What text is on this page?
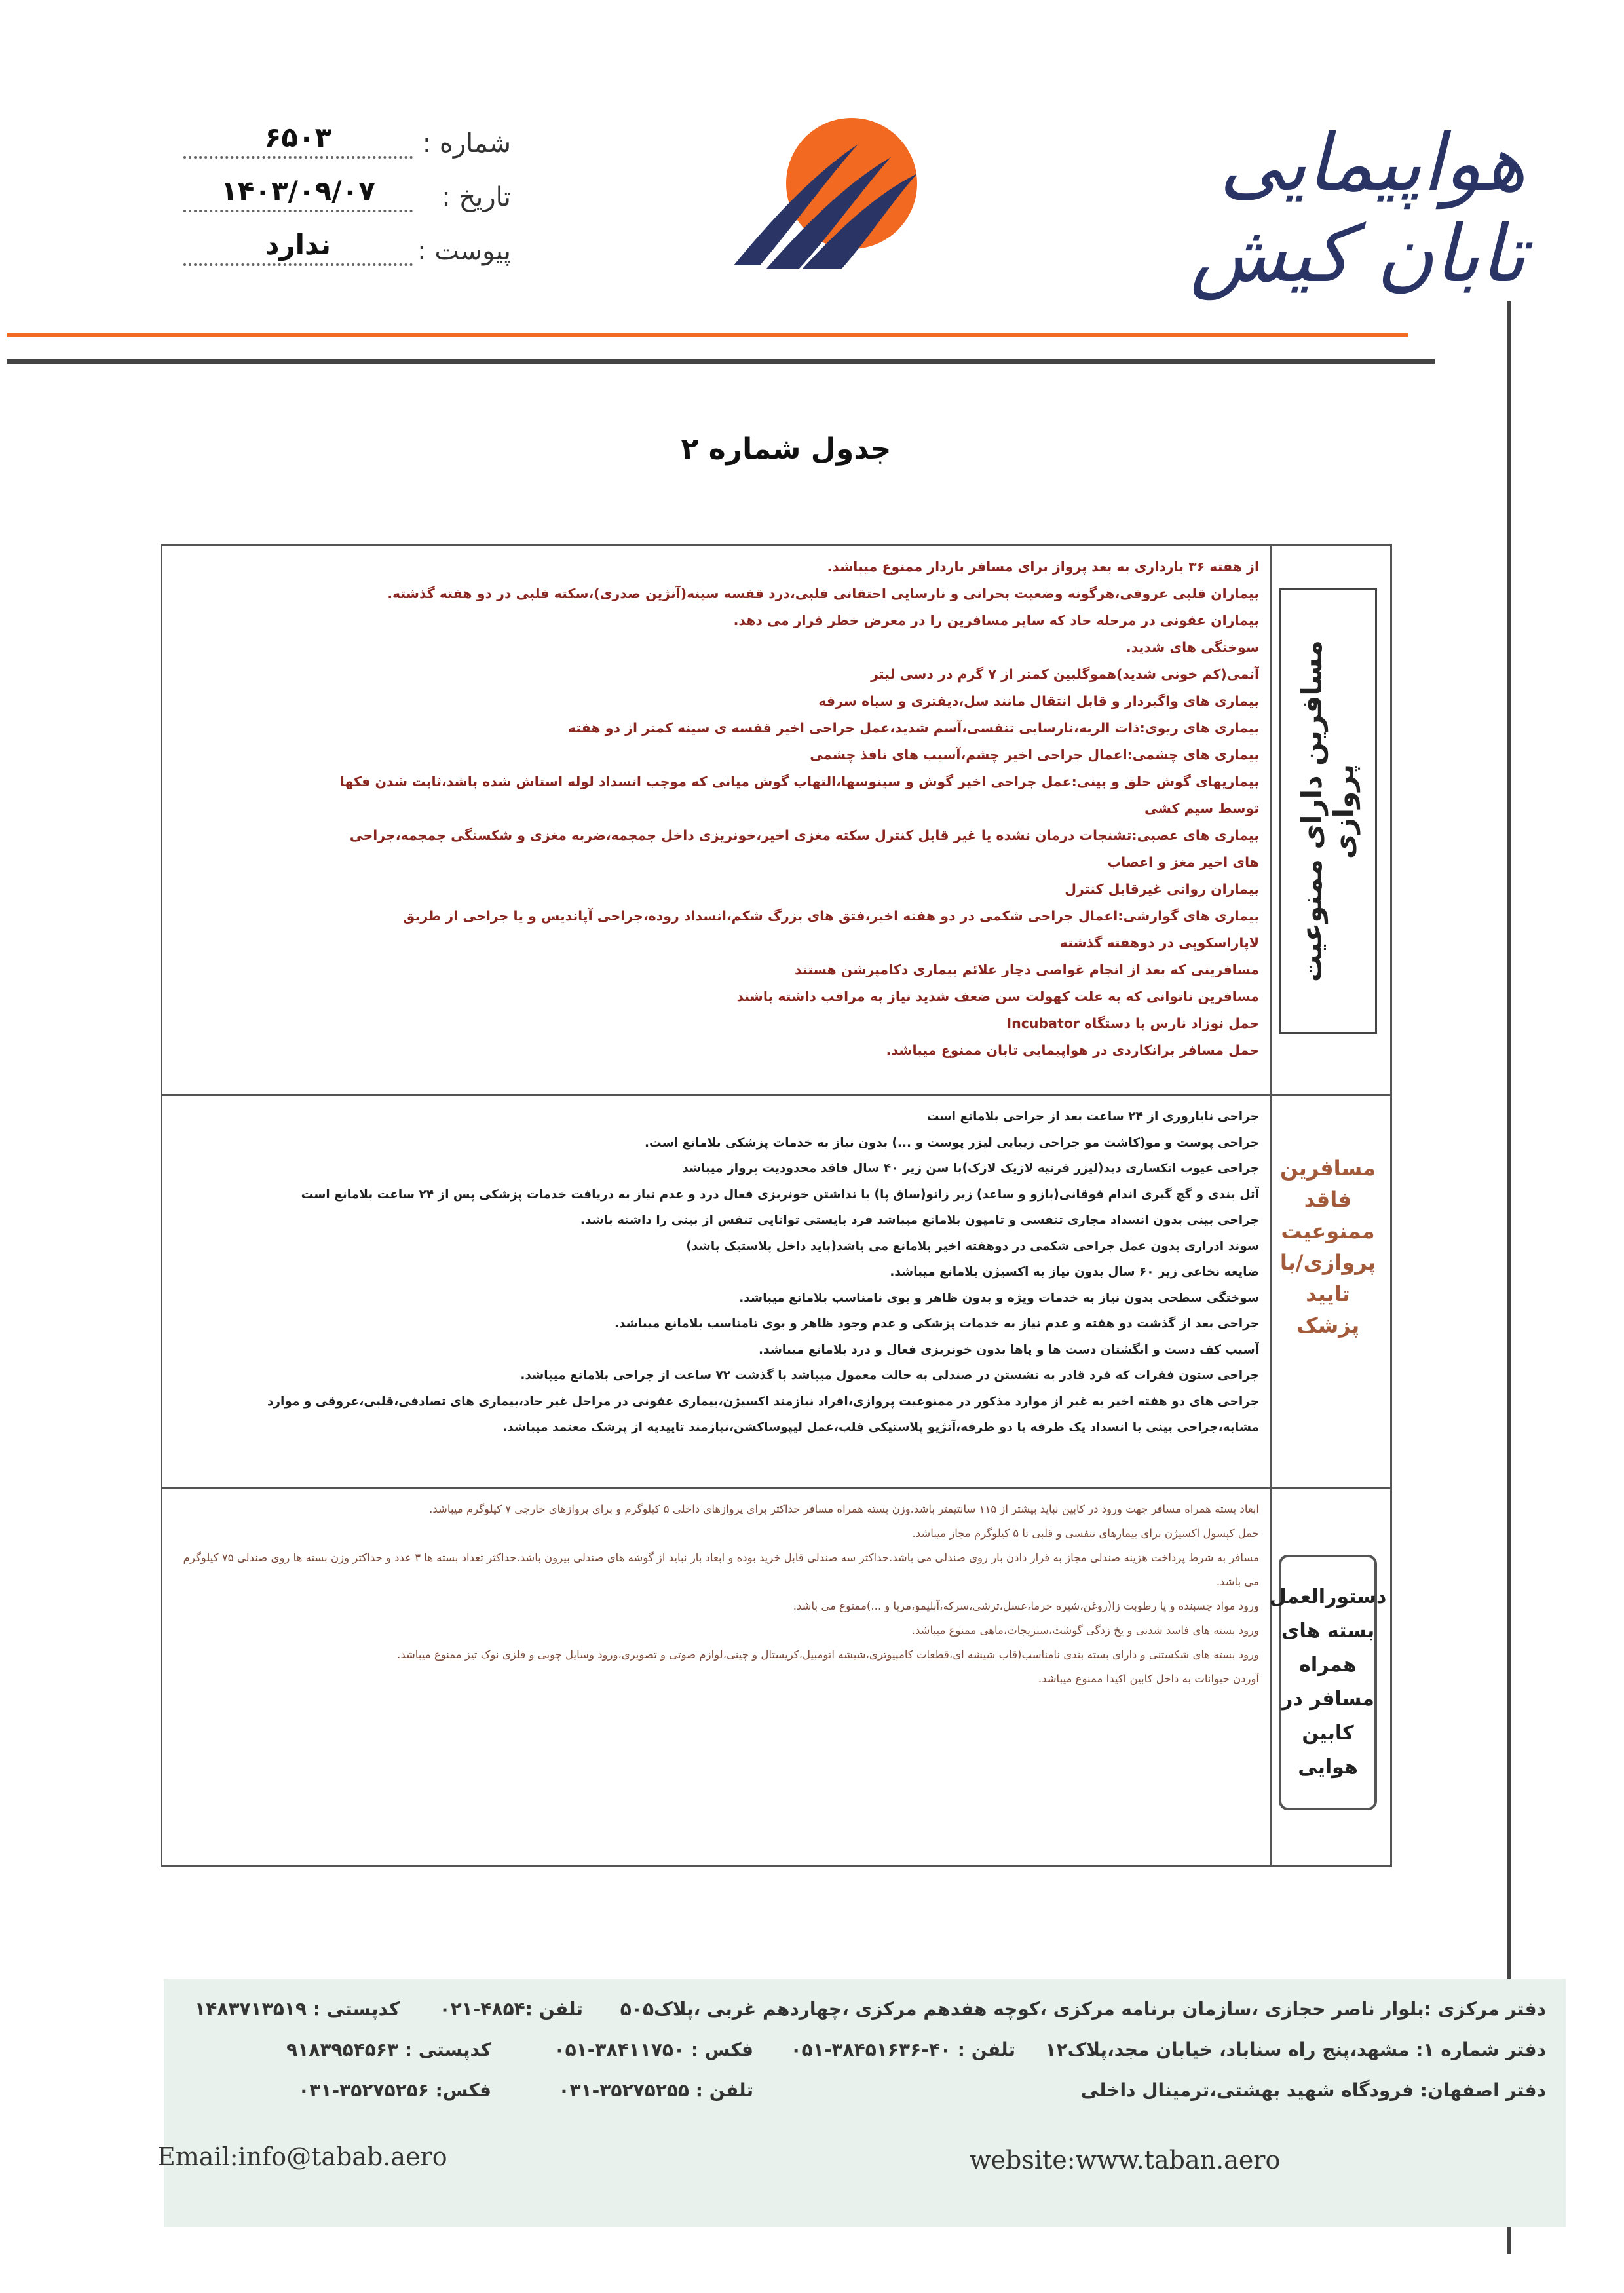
هواپیمایی تابان کیش
شماره :
۶۵۰۳
تاریخ :
۱۴۰۳/۰۹/۰۷
پیوست :
ندارد
جدول شماره ۲
مسافرین دارای ممنوعیت پروازی

از هفته ۳۶ بارداری به بعد پرواز برای مسافر باردار ممنوع میباشد.

بیماران قلبی عروقی،هرگونه وضعیت بحرانی و نارسایی احتقانی قلبی،درد قفسه سینه(آنژین صدری)،سکته قلبی در دو هفته گذشته.

بیماران عفونی در مرحله حاد که سایر مسافرین را در معرض خطر قرار می دهد.

سوختگی های شدید.

آنمی(کم خونی شدید)هموگلبین کمتر از ۷ گرم در دسی لیتر

بیماری های واگیردار و قابل انتقال مانند سل،دیفتری و سیاه سرفه

بیماری های ریوی:ذات الریه،نارسایی تنفسی،آسم شدید،عمل جراحی اخیر قفسه ی سینه کمتر از دو هفته

بیماری های چشمی:اعمال جراحی اخیر چشم،آسیب های نافذ چشمی

بیماریهای گوش حلق و بینی:عمل جراحی اخیر گوش و سینوسها،التهاب گوش میانی که موجب انسداد لوله استاش شده باشد،ثابت شدن فکها

توسط سیم کشی

بیماری های عصبی:تشنجات درمان نشده یا غیر قابل کنترل سکته مغزی اخیر،خونریزی داخل جمجمه،ضربه مغزی و شکستگی جمجمه،جراحی

های اخیر مغز و اعصاب

بیماران روانی غیرقابل کنترل

بیماری های گوارشی:اعمال جراحی شکمی در دو هفته اخیر،فتق های بزرگ شکم،انسداد روده،جراحی آپاندیس و یا جراحی از طریق

لاپاراسکوپی در دوهفته گذشته

مسافرینی که بعد از انجام غواصی دچار علائم بیماری دکامپرشن هستند

مسافرین ناتوانی که به علت کهولت سن ضعف شدید نیاز به مراقب داشته باشند

حمل نوزاد نارس با دستگاه Incubator

حمل مسافر برانکاردی در هواپیمایی تابان ممنوع میباشد.

مسافرین فاقد ممنوعیت پروازی/با تایید پزشک

جراحی ناباروری از ۲۴ ساعت بعد از جراحی بلامانع است

جراحی پوست و مو(کاشت مو جراحی زیبایی لیزر پوست و ...) بدون نیاز به خدمات پزشکی بلامانع است.

جراحی عیوب انکساری دید(لیزر قرنیه لازیک لازک)با سن زیر ۴۰ سال فاقد محدودیت پرواز میباشد

آتل بندی و گچ گیری اندام فوقانی(بازو و ساعد) زیر زانو(ساق پا) با نداشتن خونریزی فعال درد و عدم نیاز به دریافت خدمات پزشکی پس از ۲۴ ساعت بلامانع است

جراحی بینی بدون انسداد مجاری تنفسی و تامپون بلامانع میباشد فرد بایستی توانایی تنفس از بینی را داشته باشد.

سوند ادراری بدون عمل جراحی شکمی در دوهفته اخیر بلامانع می باشد(باید داخل پلاستیک باشد)

ضایعه نخاعی زیر ۶۰ سال بدون نیاز به اکسیژن بلامانع میباشد.

سوختگی سطحی بدون نیاز به خدمات ویژه و بدون ظاهر و بوی نامناسب بلامانع میباشد.

جراحی بعد از گذشت دو هفته و عدم نیاز به خدمات پزشکی و عدم وجود ظاهر و بوی نامناسب بلامانع میباشد.

آسیب کف دست و انگشتان دست ها و پاها بدون خونریزی فعال و درد بلامانع میباشد.

جراحی ستون فقرات که فرد قادر به نشستن در صندلی به حالت معمول میباشد با گذشت ۷۲ ساعت از جراحی بلامانع میباشد.

جراحی های دو هفته اخیر به غیر از موارد مذکور در ممنوعیت پروازی،افراد نیازمند اکسیژن،بیماری عفونی در مراحل غیر حاد،بیماری های تصادفی،قلبی،عروقی و موارد

مشابه،جراحی بینی با انسداد یک طرفه یا دو طرفه،آنژیو پلاستیکی قلب،عمل لیپوساکشن،نیازمند تاییدیه از پزشک معتمد میباشد.

دستورالعمل بسته های همراه مسافر در کابین هوایی

ابعاد بسته همراه مسافر جهت ورود در کابین نباید بیشتر از ۱۱۵ سانتیمتر باشد.وزن بسته همراه مسافر حداکثر برای پروازهای داخلی ۵ کیلوگرم و برای پروازهای خارجی ۷ کیلوگرم میباشد.

حمل کپسول اکسیژن برای بیمارهای تنفسی و قلبی تا ۵ کیلوگرم مجاز میباشد.

مسافر به شرط پرداخت هزینه صندلی مجاز به قرار دادن بار روی صندلی می باشد.حداکثر سه صندلی قابل خرید بوده و ابعاد بار نباید از گوشه های صندلی بیرون باشد.حداکثر تعداد بسته ها ۳ عدد و حداکثر وزن بسته ها روی صندلی ۷۵ کیلوگرم می باشد.

ورود مواد چسبنده و یا رطوبت زا(روغن،شیره خرما،عسل،ترشی،سرکه،آبلیمو،مربا و ...)ممنوع می باشد.

ورود بسته های فاسد شدنی و یخ زدگی گوشت،سبزیجات،ماهی ممنوع میباشد.

ورود بسته های شکستنی و دارای بسته بندی نامناسب(قاب شیشه ای،قطعات کامپیوتری،شیشه اتومبیل،کریستال و چینی،لوازم صوتی و تصویری،ورود وسایل چوبی و فلزی نوک تیز ممنوع میباشد.

آوردن حیوانات به داخل کابین اکیدا ممنوع میباشد.

دفتر مرکزی :بلوار ناصر حجازی ،سازمان برنامه مرکزی ،کوچه هفدهم مرکزی ،چهاردهم غربی ،پلاک۵۰۵
تلفن :۴۸۵۴-۰۲۱
کدپستی : ۱۴۸۳۷۱۳۵۱۹
دفتر شماره ۱: مشهد،پنج راه سناباد، خیابان مجد،پلاک۱۲
تلفن : ۴۰-۳۸۴۵۱۶۳۶-۰۵۱
فکس : ۳۸۴۱۱۷۵۰-۰۵۱
کدپستی : ۹۱۸۳۹۵۴۵۶۳
دفتر اصفهان: فرودگاه شهید بهشتی،ترمینال داخلی
تلفن : ۳۵۲۷۵۲۵۵-۰۳۱
فکس: ۳۵۲۷۵۲۵۶-۰۳۱
Email:info@tabab.aero	website:www.taban.aero
